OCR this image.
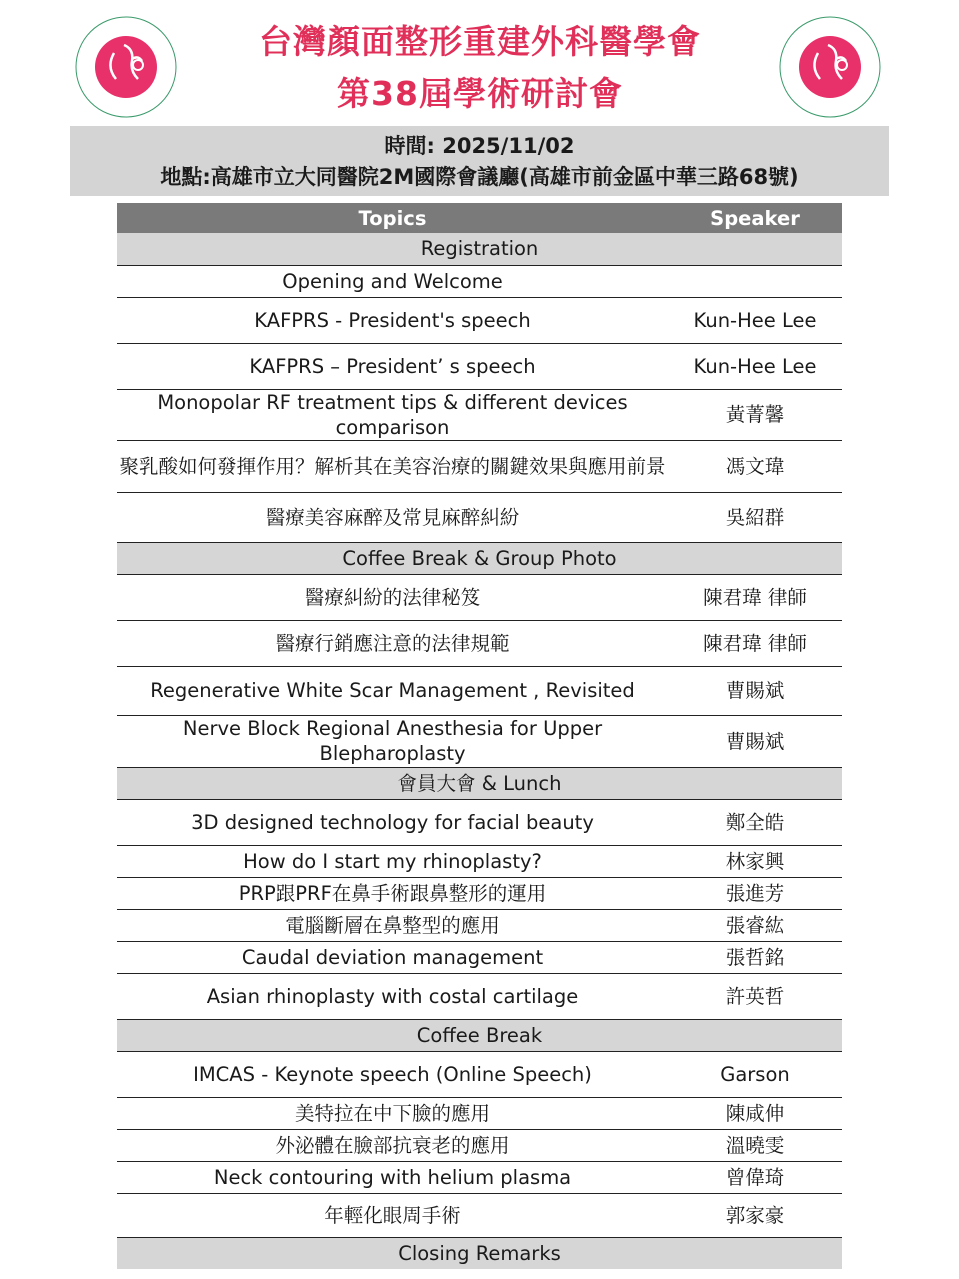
台灣顏面整形重建外科醫學會
第38屆學術研討會
時間: 2025/11/02
地點:高雄市立大同醫院2M國際會議廳(高雄市前金區中華三路68號)
Topics	Speaker
Registration	
Opening and Welcome	
KAFPRS - President's speech	Kun-Hee Lee
KAFPRS – President’ s speech	Kun-Hee Lee
Monopolar RF treatment tips & different devices comparison	黃菁馨
聚乳酸如何發揮作用？解析其在美容治療的關鍵效果與應用前景	馮文瑋
醫療美容麻醉及常見麻醉糾紛	吳紹群
Coffee Break & Group Photo	
醫療糾紛的法律秘笈	陳君瑋 律師
醫療行銷應注意的法律規範	陳君瑋 律師
Regenerative White Scar Management , Revisited	曹賜斌
Nerve Block Regional Anesthesia for Upper Blepharoplasty	曹賜斌
會員大會 & Lunch	
3D designed technology for facial beauty	鄭全皓
How do I start my rhinoplasty?	林家興
PRP跟PRF在鼻手術跟鼻整形的運用	張進芳
電腦斷層在鼻整型的應用	張睿紘
Caudal deviation management	張哲銘
Asian rhinoplasty with costal cartilage	許英哲
Coffee Break	
IMCAS - Keynote speech (Online Speech)	Garson
美特拉在中下臉的應用	陳咸伸
外泌體在臉部抗衰老的應用	溫曉雯
Neck contouring with helium plasma	曾偉琦
年輕化眼周手術	郭家豪
Closing Remarks	
